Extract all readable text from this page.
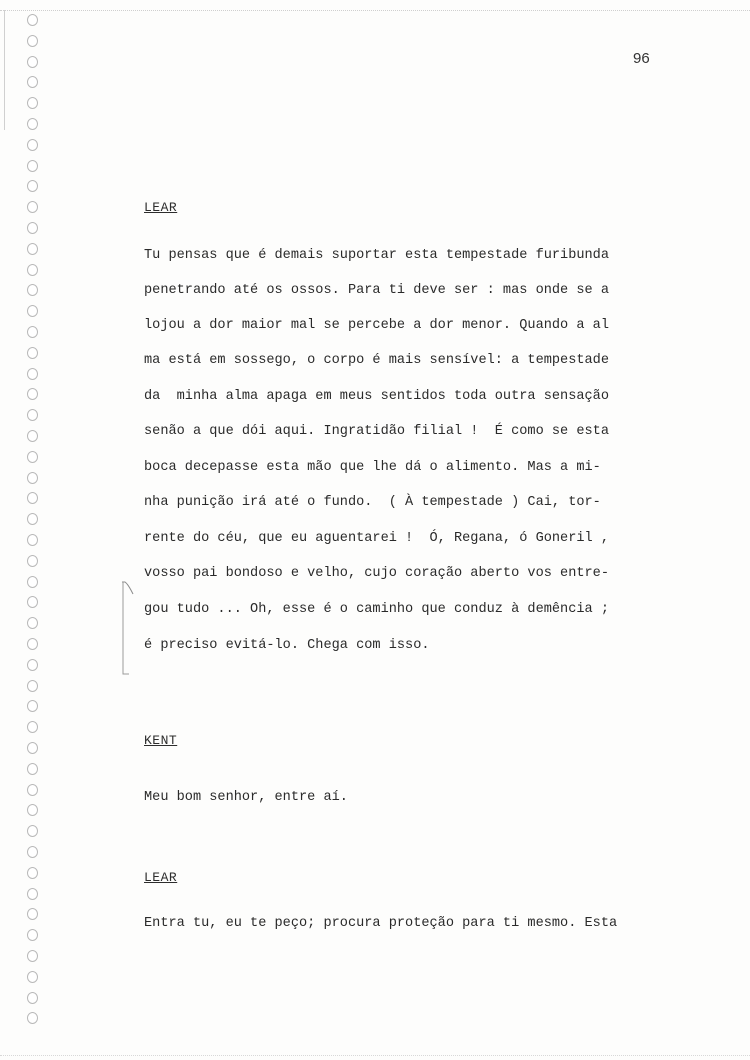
96
LEAR
Tu pensas que é demais suportar esta tempestade furibunda
penetrando até os ossos. Para ti deve ser : mas onde se a
lojou a dor maior mal se percebe a dor menor. Quando a al
ma está em sossego, o corpo é mais sensível: a tempestade
da  minha alma apaga em meus sentidos toda outra sensação
senão a que dói aqui. Ingratidão filial !  É como se esta
boca decepasse esta mão que lhe dá o alimento. Mas a mi-
nha punição irá até o fundo.  ( À tempestade ) Cai, tor-
rente do céu, que eu aguentarei !  Ó, Regana, ó Goneril ,
vosso pai bondoso e velho, cujo coração aberto vos entre-
gou tudo ... Oh, esse é o caminho que conduz à demência ;
é preciso evitá-lo. Chega com isso.
KENT
Meu bom senhor, entre aí.
LEAR
Entra tu, eu te peço; procura proteção para ti mesmo. Esta
